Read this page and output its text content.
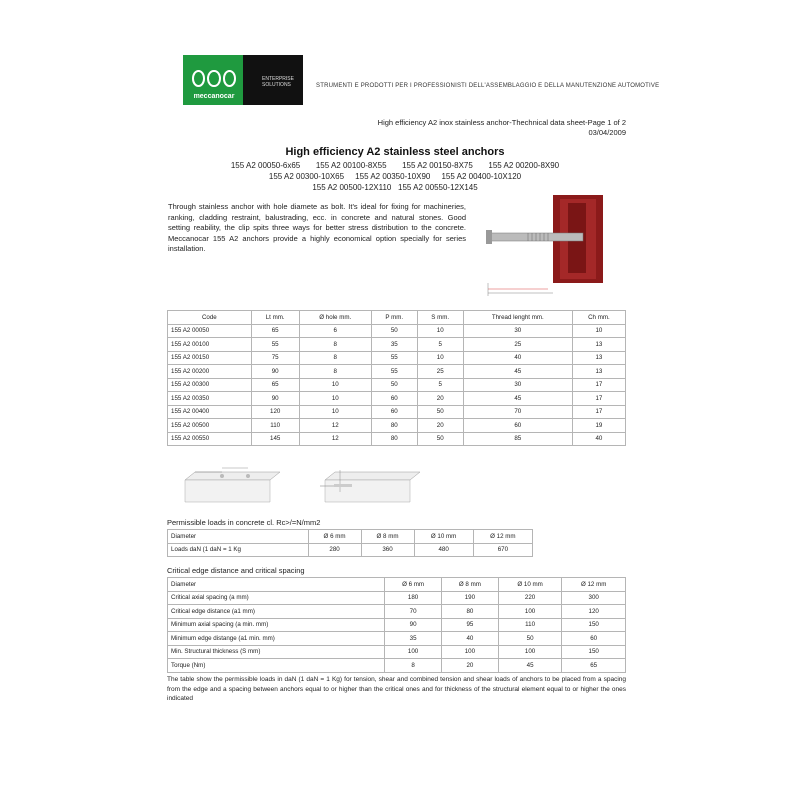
meccanocar
ENTERPRISE SOLUTIONS	STRUMENTI E PRODOTTI PER I PROFESSIONISTI DELL'ASSEMBLAGGIO E DELLA MANUTENZIONE AUTOMOTIVE
High efficiency A2 inox stainless anchor-Thechnical data sheet-Page 1 of 2
03/04/2009
High efficiency A2 stainless steel anchors
155 A2 00050-6x65       155 A2 00100-8X55       155 A2 00150-8X75       155 A2 00200-8X90
155 A2 00300-10X65     155 A2 00350-10X90     155 A2 00400-10X120
155 A2 00500-12X110   155 A2 00550-12X145
Through stainless anchor with hole diamete as bolt. It's ideal for fixing for machineries, ranking, cladding restraint, balustrading, ecc. in concrete and natural stones. Good setting reability, the clip spits three ways for better stress distribution to the concrete. Meccanocar 155 A2 anchors provide a highly economical option specially for series installation.
Code	Lt mm.	Ø hole mm.	P mm.	S mm.	Thread lenght mm.	Ch mm.
155 A2 00050	65	6	50	10	30	10
155 A2 00100	55	8	35	5	25	13
155 A2 00150	75	8	55	10	40	13
155 A2 00200	90	8	55	25	45	13
155 A2 00300	65	10	50	5	30	17
155 A2 00350	90	10	60	20	45	17
155 A2 00400	120	10	60	50	70	17
155 A2 00500	110	12	80	20	60	19
155 A2 00550	145	12	80	50	85	40
Permissible loads in concrete cl. Rc>/=N/mm2
Diameter	Ø 6 mm	Ø 8 mm	Ø 10 mm	Ø 12 mm
Loads daN (1 daN = 1 Kg	280	360	480	670
Critical edge distance and critical spacing
Diameter	Ø 6 mm	Ø 8 mm	Ø 10 mm	Ø 12 mm
Critical axial spacing (a mm)	180	190	220	300
Critical edge distance (a1 mm)	70	80	100	120
Minimum axial spacing (a min. mm)	90	95	110	150
Minimum edge distange (a1 min. mm)	35	40	50	60
Min. Structural thickness (S mm)	100	100	100	150
Torque (Nm)	8	20	45	65
The table show the permissible loads in daN (1 daN = 1 Kg) for tension, shear and combined tension and shear loads of anchors to be placed from a spacing from the edge and a spacing between anchors equal to or higher than the critical ones and for thickness of the structural element equal to or higher the ones indicated
